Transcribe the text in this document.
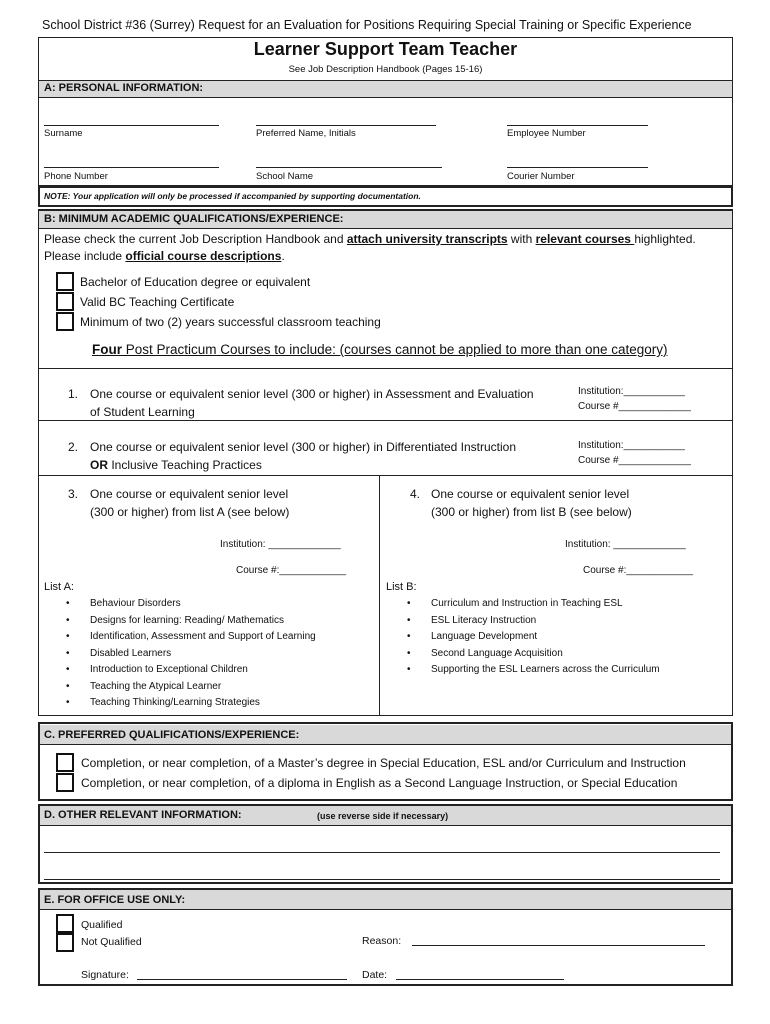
School District #36 (Surrey) Request for an Evaluation for Positions Requiring Special Training or Specific Experience
Learner Support Team Teacher
See Job Description Handbook (Pages 15-16)
A: PERSONAL INFORMATION:
Surname	Preferred Name, Initials	Employee Number
Phone Number	School Name	Courier Number
NOTE: Your application will only be processed if accompanied by supporting documentation.
B: MINIMUM ACADEMIC QUALIFICATIONS/EXPERIENCE:
Please check the current Job Description Handbook and attach university transcripts with relevant courses highlighted.
Please include official course descriptions.
Bachelor of Education degree or equivalent
Valid BC Teaching Certificate
Minimum of two (2) years successful classroom teaching
Four Post Practicum Courses to include: (courses cannot be applied to more than one category)
1. One course or equivalent senior level (300 or higher) in Assessment and Evaluation
of Student Learning
Institution:___________
Course #_____________
2. One course or equivalent senior level (300 or higher) in Differentiated Instruction
OR Inclusive Teaching Practices
Institution:___________
Course #_____________
3. One course or equivalent senior level
(300 or higher) from list A (see below)
Institution: _____________
Course #:____________
4. One course or equivalent senior level
(300 or higher) from list B (see below)
Institution: _____________
Course #:____________
List A:
• Behaviour Disorders
• Designs for learning: Reading/ Mathematics
• Identification, Assessment and Support of Learning
• Disabled Learners
• Introduction to Exceptional Children
• Teaching the Atypical Learner
• Teaching Thinking/Learning Strategies
List B:
• Curriculum and Instruction in Teaching ESL
• ESL Literacy Instruction
• Language Development
• Second Language Acquisition
• Supporting the ESL Learners across the Curriculum
C. PREFERRED QUALIFICATIONS/EXPERIENCE:
Completion, or near completion, of a Master’s degree in Special Education, ESL and/or Curriculum and Instruction
Completion, or near completion, of a diploma in English as a Second Language Instruction, or Special Education
D. OTHER RELEVANT INFORMATION:	(use reverse side if necessary)
E. FOR OFFICE USE ONLY:
Qualified
Not Qualified	Reason:
Signature:	Date:
